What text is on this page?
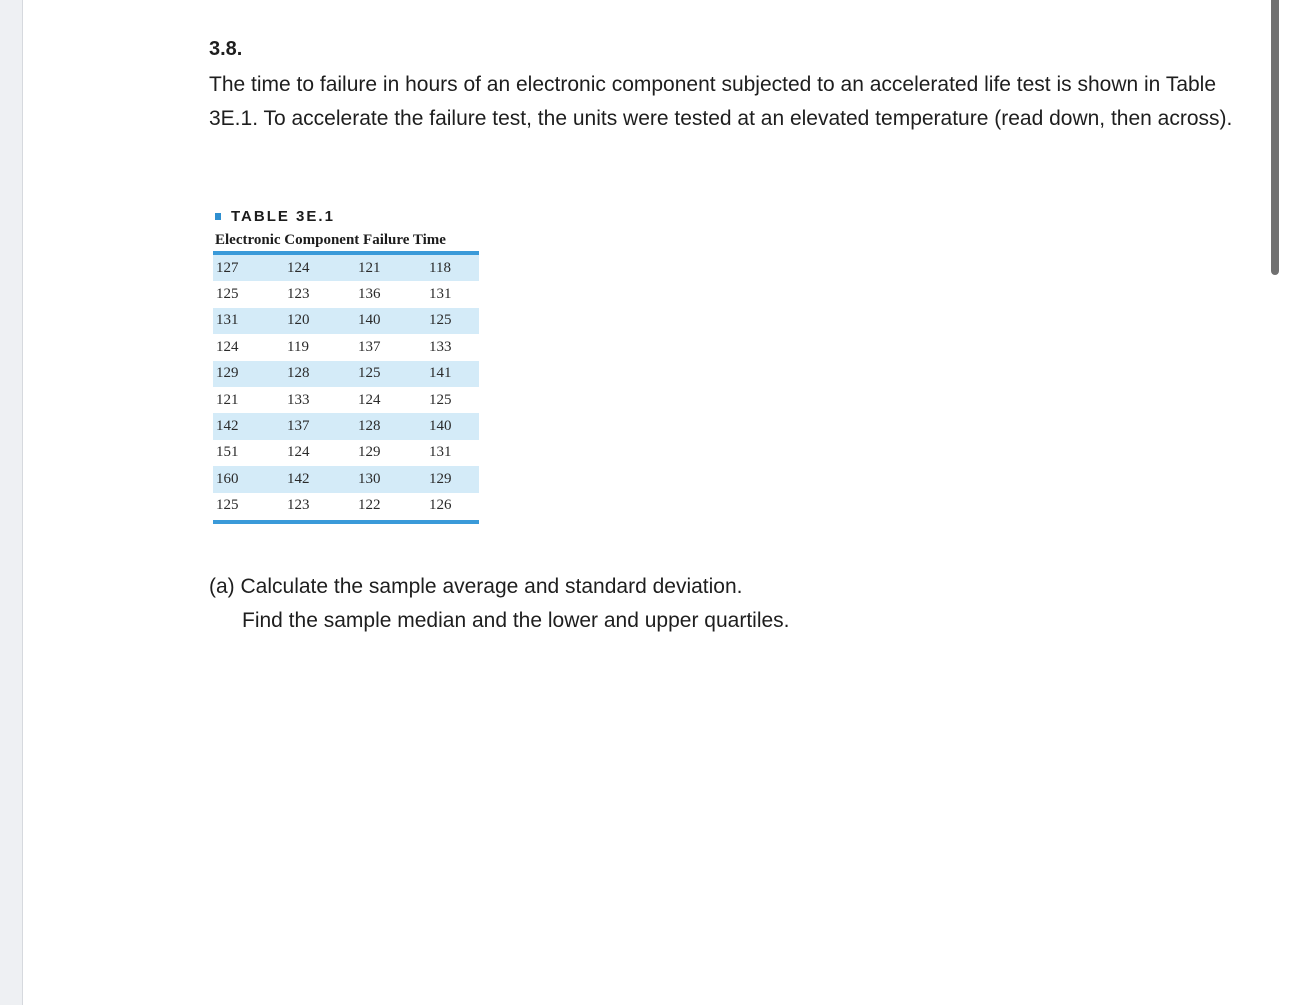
3.8.

The time to failure in hours of an electronic component subjected to an accelerated life test is shown in Table 3E.1. To accelerate the failure test, the units were tested at an elevated temperature (read down, then across).

TABLE 3E.1
Electronic Component Failure Time
127	124	121	118
125	123	136	131
131	120	140	125
124	119	137	133
129	128	125	141
121	133	124	125
142	137	128	140
151	124	129	131
160	142	130	129
125	123	122	126
(a) Calculate the sample average and standard deviation.
Find the sample median and the lower and upper quartiles.
